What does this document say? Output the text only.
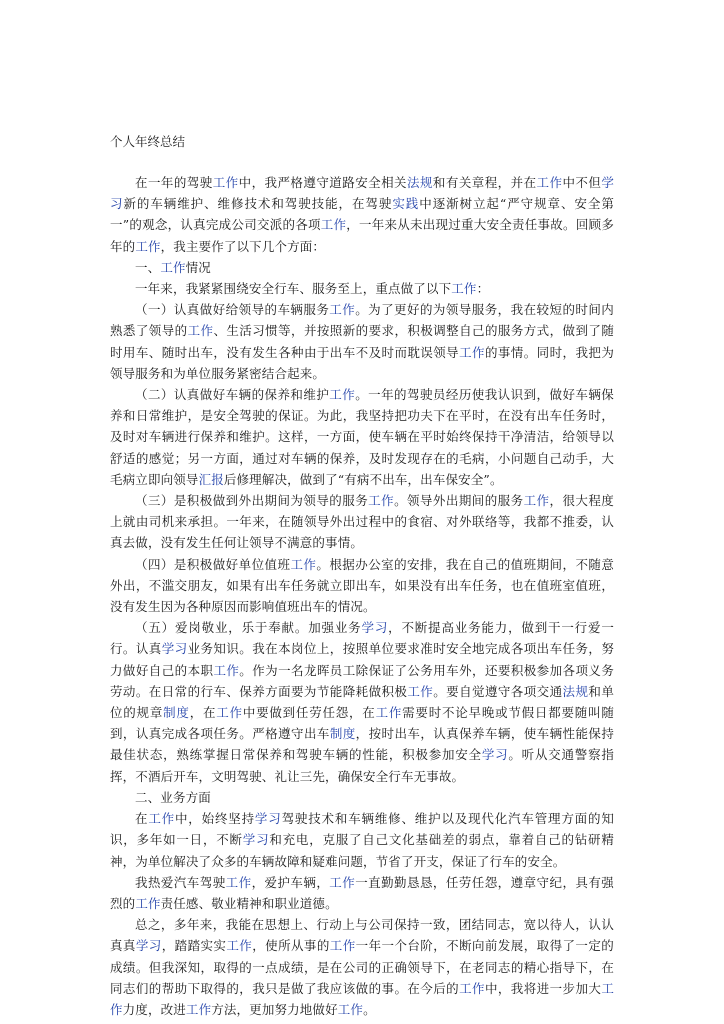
个人年终总结

在一年的驾驶工作中，我严格遵守道路安全相关法规和有关章程，并在工作中不但学习新的车辆维护、维修技术和驾驶技能，在驾驶实践中逐渐树立起“严守规章、安全第一”的观念，认真完成公司交派的各项工作，一年来从未出现过重大安全责任事故。回顾多年的工作，我主要作了以下几个方面：

一、工作情况

一年来，我紧紧围绕安全行车、服务至上，重点做了以下工作：

（一）认真做好给领导的车辆服务工作。为了更好的为领导服务，我在较短的时间内熟悉了领导的工作、生活习惯等，并按照新的要求，积极调整自己的服务方式，做到了随时用车、随时出车，没有发生各种由于出车不及时而耽误领导工作的事情。同时，我把为领导服务和为单位服务紧密结合起来。

（二）认真做好车辆的保养和维护工作。一年的驾驶员经历使我认识到，做好车辆保养和日常维护，是安全驾驶的保证。为此，我坚持把功夫下在平时，在没有出车任务时，及时对车辆进行保养和维护。这样，一方面，使车辆在平时始终保持干净清洁，给领导以舒适的感觉；另一方面，通过对车辆的保养，及时发现存在的毛病，小问题自己动手，大毛病立即向领导汇报后修理解决，做到了“有病不出车，出车保安全”。

（三）是积极做到外出期间为领导的服务工作。领导外出期间的服务工作，很大程度上就由司机来承担。一年来，在随领导外出过程中的食宿、对外联络等，我都不推委，认真去做，没有发生任何让领导不满意的事情。

（四）是积极做好单位值班工作。根据办公室的安排，我在自己的值班期间，不随意外出，不滥交朋友，如果有出车任务就立即出车，如果没有出车任务，也在值班室值班，没有发生因为各种原因而影响值班出车的情况。

（五）爱岗敬业，乐于奉献。加强业务学习，不断提高业务能力，做到干一行爱一行。认真学习业务知识。我在本岗位上，按照单位要求准时安全地完成各项出车任务，努力做好自己的本职工作。作为一名龙晖员工除保证了公务用车外，还要积极参加各项义务劳动。在日常的行车、保养方面要为节能降耗做积极工作。要自觉遵守各项交通法规和单位的规章制度，在工作中要做到任劳任怨，在工作需要时不论早晚或节假日都要随叫随到，认真完成各项任务。严格遵守出车制度，按时出车，认真保养车辆，使车辆性能保持最佳状态，熟练掌握日常保养和驾驶车辆的性能，积极参加安全学习。听从交通警察指挥，不酒后开车，文明驾驶、礼让三先，确保安全行车无事故。

二、业务方面

在工作中，始终坚持学习驾驶技术和车辆维修、维护以及现代化汽车管理方面的知识，多年如一日，不断学习和充电，克服了自己文化基础差的弱点，靠着自己的钻研精神，为单位解决了众多的车辆故障和疑难问题，节省了开支，保证了行车的安全。

我热爱汽车驾驶工作，爱护车辆，工作一直勤勤恳恳，任劳任怨，遵章守纪，具有强烈的工作责任感、敬业精神和职业道德。

总之，多年来，我能在思想上、行动上与公司保持一致，团结同志，宽以待人，认认真真学习，踏踏实实工作，使所从事的工作一年一个台阶，不断向前发展，取得了一定的成绩。但我深知，取得的一点成绩，是在公司的正确领导下，在老同志的精心指导下，在同志们的帮助下取得的，我只是做了我应该做的事。在今后的工作中，我将进一步加大工作力度，改进工作方法，更加努力地做好工作。
